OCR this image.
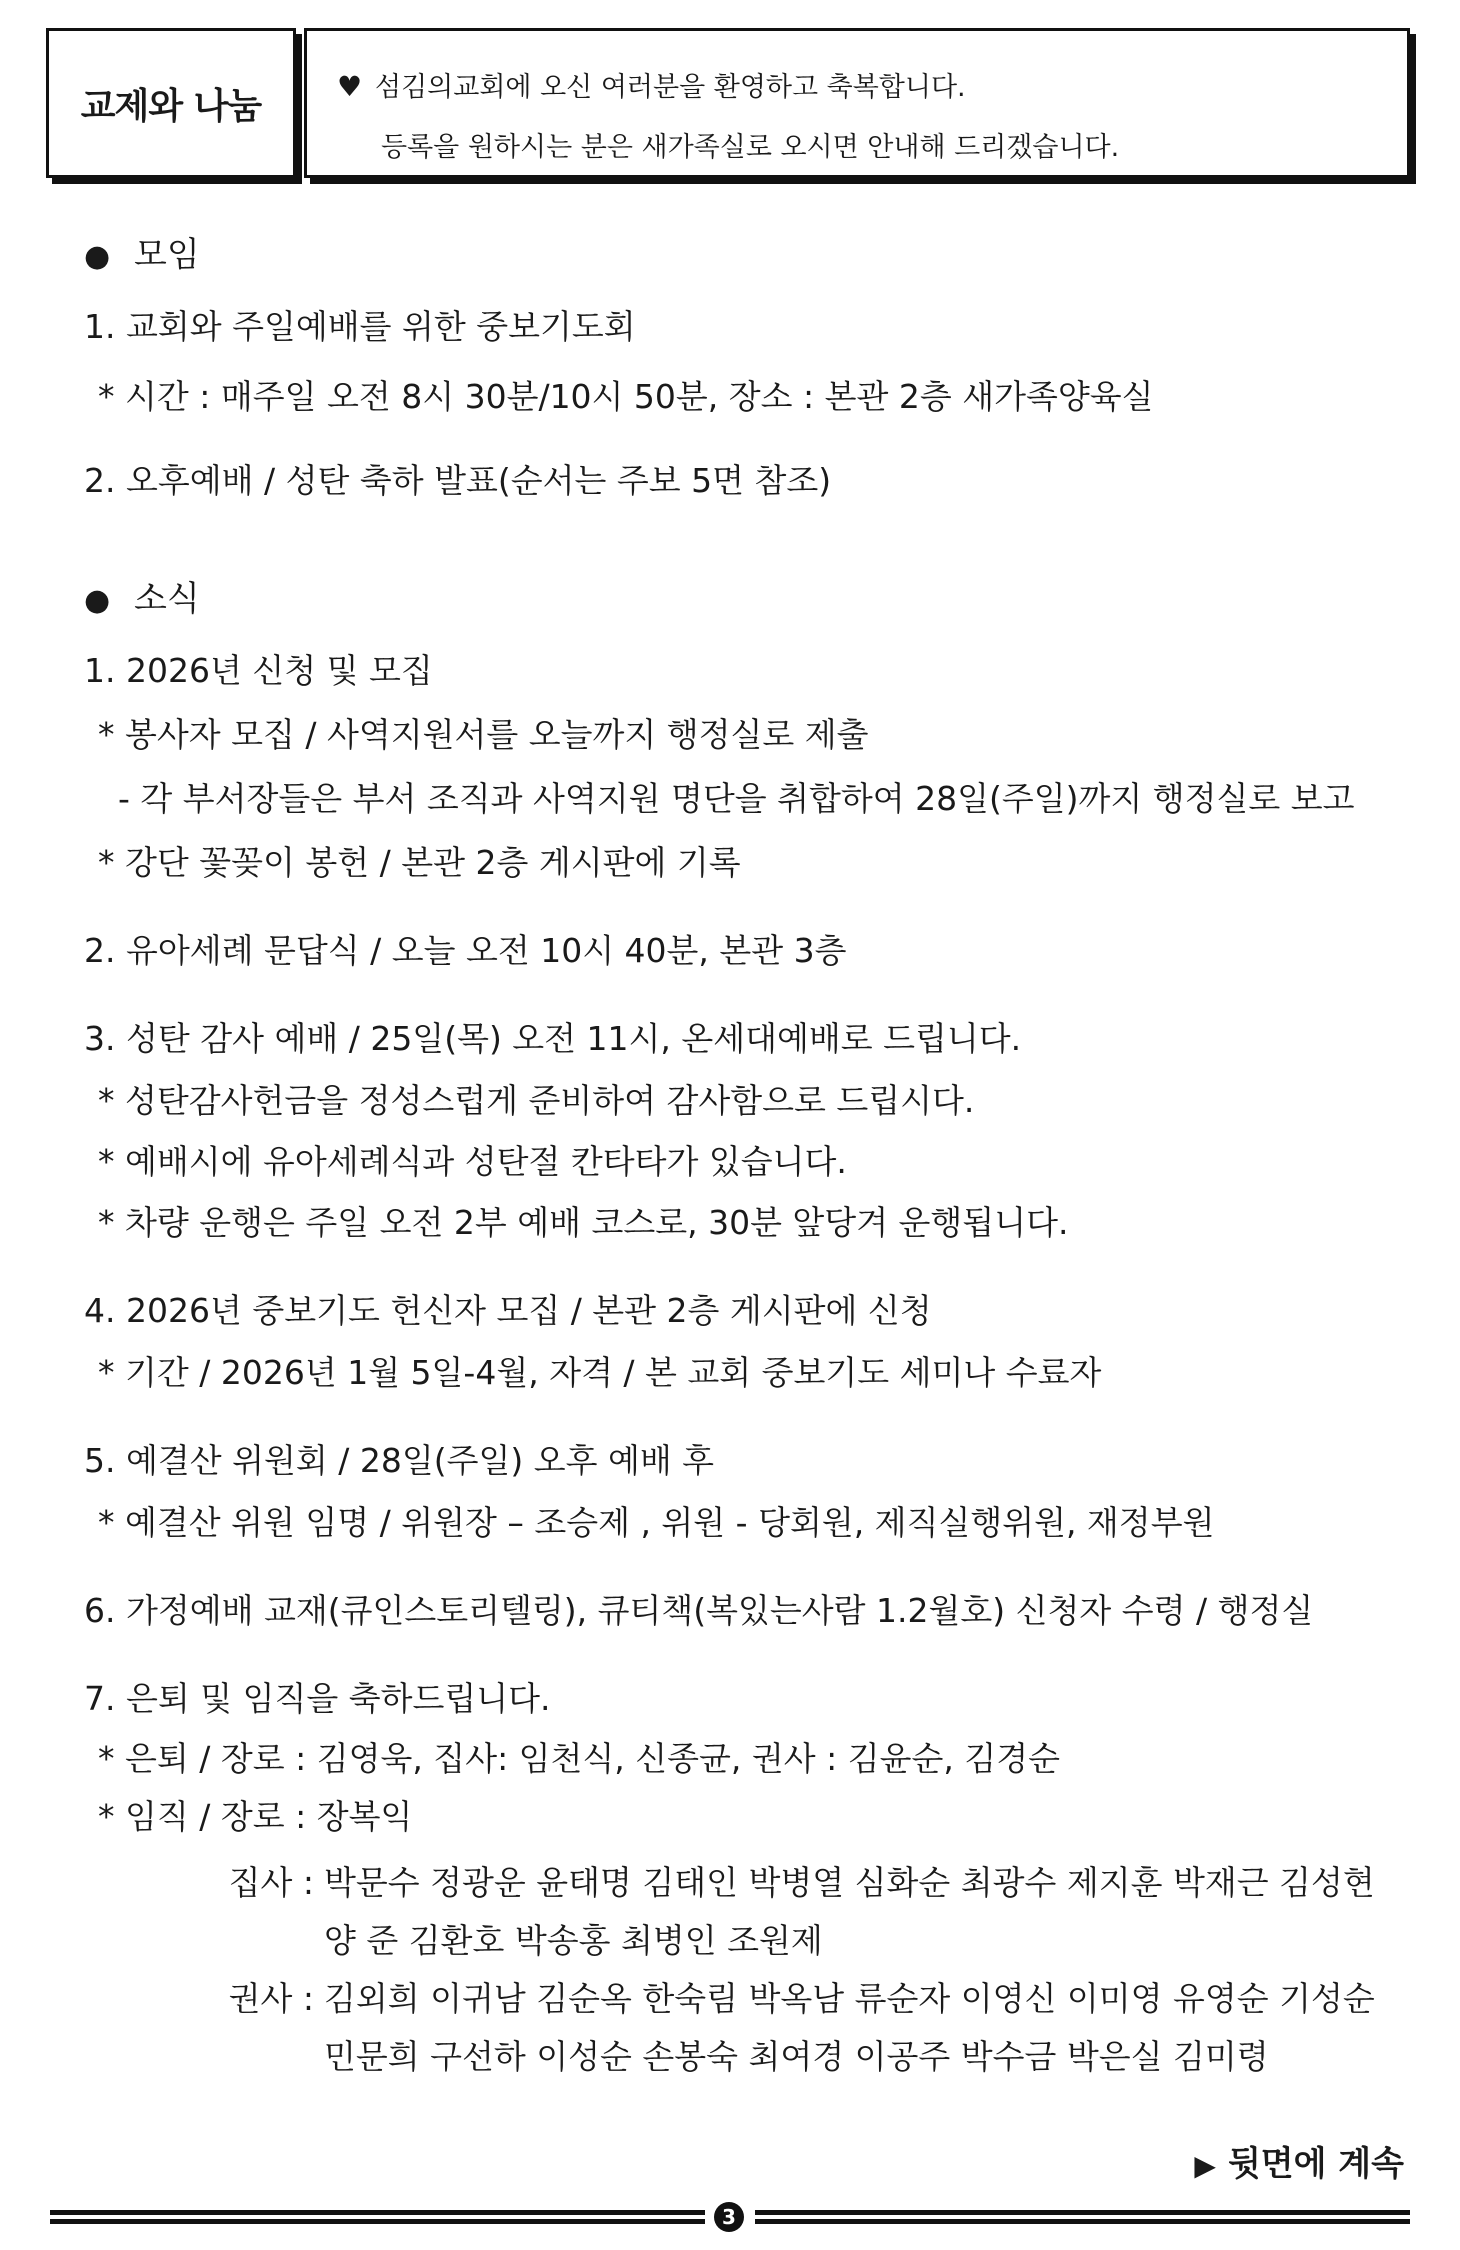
교제와 나눔	♥ 섬김의교회에 오신 여러분을 환영하고 축복합니다.
등록을 원하시는 분은 새가족실로 오시면 안내해 드리겠습니다.
● 모임
1. 교회와 주일예배를 위한 중보기도회
* 시간 : 매주일 오전 8시 30분/10시 50분, 장소 : 본관 2층 새가족양육실
2. 오후예배 / 성탄 축하 발표(순서는 주보 5면 참조)
● 소식
1. 2026년 신청 및 모집
* 봉사자 모집 / 사역지원서를 오늘까지 행정실로 제출
- 각 부서장들은 부서 조직과 사역지원 명단을 취합하여 28일(주일)까지 행정실로 보고
* 강단 꽃꽂이 봉헌 / 본관 2층 게시판에 기록
2. 유아세례 문답식 / 오늘 오전 10시 40분, 본관 3층
3. 성탄 감사 예배 / 25일(목) 오전 11시, 온세대예배로 드립니다.
* 성탄감사헌금을 정성스럽게 준비하여 감사함으로 드립시다.
* 예배시에 유아세례식과 성탄절 칸타타가 있습니다.
* 차량 운행은 주일 오전 2부 예배 코스로, 30분 앞당겨 운행됩니다.
4. 2026년 중보기도 헌신자 모집 / 본관 2층 게시판에 신청
* 기간 / 2026년 1월 5일-4월, 자격 / 본 교회 중보기도 세미나 수료자
5. 예결산 위원회 / 28일(주일) 오후 예배 후
* 예결산 위원 임명 / 위원장 – 조승제 , 위원 - 당회원, 제직실행위원, 재정부원
6. 가정예배 교재(큐인스토리텔링), 큐티책(복있는사람 1.2월호) 신청자 수령 / 행정실
7. 은퇴 및 임직을 축하드립니다.
* 은퇴 / 장로 : 김영욱, 집사: 임천식, 신종균, 권사 : 김윤순, 김경순
* 임직 / 장로 : 장복익
집사 : 박문수 정광운 윤태명 김태인 박병열 심화순 최광수 제지훈 박재근 김성현
양 준 김환호 박송홍 최병인 조원제
권사 : 김외희 이귀남 김순옥 한숙림 박옥남 류순자 이영신 이미영 유영순 기성순
민문희 구선하 이성순 손봉숙 최여경 이공주 박수금 박은실 김미령
▶ 뒷면에 계속
3
